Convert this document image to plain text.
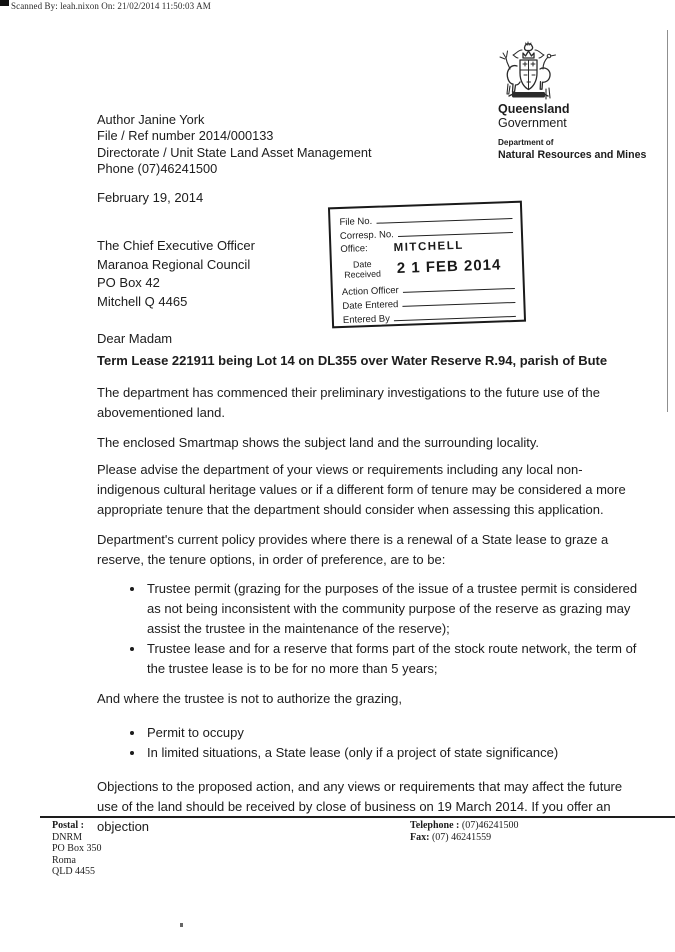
Scanned By: leah.nixon On: 21/02/2014 11:50:03 AM
Author Janine York
File / Ref number 2014/000133
Directorate / Unit State Land Asset Management
Phone (07)46241500
Queensland
Government
Department of
Natural Resources and Mines
February 19, 2014
The Chief Executive Officer
Maranoa Regional Council
PO Box 42
Mitchell Q 4465
File No.
Corresp. No.
Office: MITCHELL
Date
Received 2 1 FEB 2014
Action Officer
Date Entered
Entered By

Dear Madam

Term Lease 221911 being Lot 14 on DL355 over Water Reserve R.94, parish of Bute

The department has commenced their preliminary investigations to the future use of the abovementioned land.

The enclosed Smartmap shows the subject land and the surrounding locality.

Please advise the department of your views or requirements including any local non-indigenous cultural heritage values or if a different form of tenure may be considered a more appropriate tenure that the department should consider when assessing this application.

Department's current policy provides where there is a renewal of a State lease to graze a reserve, the tenure options, in order of preference, are to be:

• Trustee permit (grazing for the purposes of the issue of a trustee permit is considered as not being inconsistent with the community purpose of the reserve as grazing may assist the trustee in the maintenance of the reserve);
• Trustee lease and for a reserve that forms part of the stock route network, the term of the trustee lease is to be for no more than 5 years;

And where the trustee is not to authorize the grazing,

• Permit to occupy
• In limited situations, a State lease (only if a project of state significance)

Objections to the proposed action, and any views or requirements that may affect the future use of the land should be received by close of business on 19 March 2014. If you offer an objection

Postal :
DNRM
PO Box 350
Roma
QLD 4455
Telephone : (07)46241500
Fax: (07) 46241559
